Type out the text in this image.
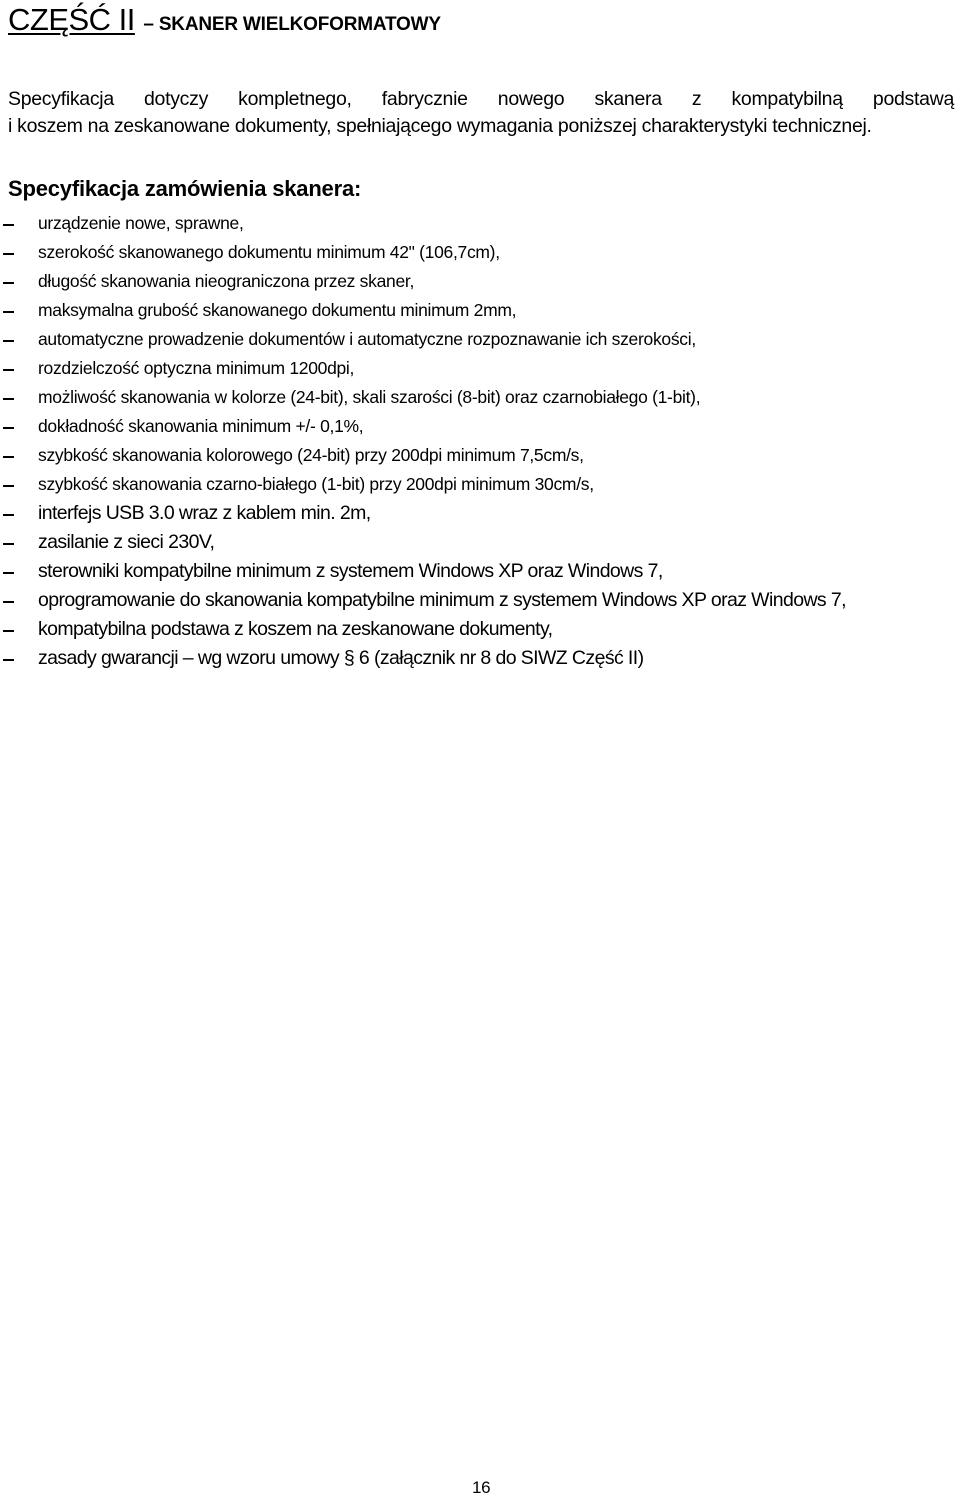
CZĘŚĆ II – SKANER WIELKOFORMATOWY
Specyfikacja dotyczy kompletnego, fabrycznie nowego skanera z kompatybilną podstawą
i koszem na zeskanowane dokumenty, spełniającego wymagania poniższej charakterystyki technicznej.
Specyfikacja zamówienia skanera:
urządzenie nowe, sprawne,
szerokość skanowanego dokumentu minimum 42" (106,7cm),
długość skanowania nieograniczona przez skaner,
maksymalna grubość skanowanego dokumentu minimum 2mm,
automatyczne prowadzenie dokumentów i automatyczne rozpoznawanie ich szerokości,
rozdzielczość optyczna minimum 1200dpi,
możliwość skanowania w kolorze (24-bit), skali szarości (8-bit) oraz czarnobiałego (1-bit),
dokładność skanowania minimum +/- 0,1%,
szybkość skanowania kolorowego (24-bit) przy 200dpi minimum 7,5cm/s,
szybkość skanowania czarno-białego (1-bit) przy 200dpi minimum 30cm/s,
interfejs USB 3.0 wraz z kablem min. 2m,
zasilanie z sieci 230V,
sterowniki kompatybilne minimum z systemem Windows XP oraz Windows 7,
oprogramowanie do skanowania kompatybilne minimum z systemem Windows XP oraz Windows 7,
kompatybilna podstawa z koszem na zeskanowane dokumenty,
zasady gwarancji – wg wzoru umowy § 6 (załącznik nr 8 do SIWZ Część II)
16
